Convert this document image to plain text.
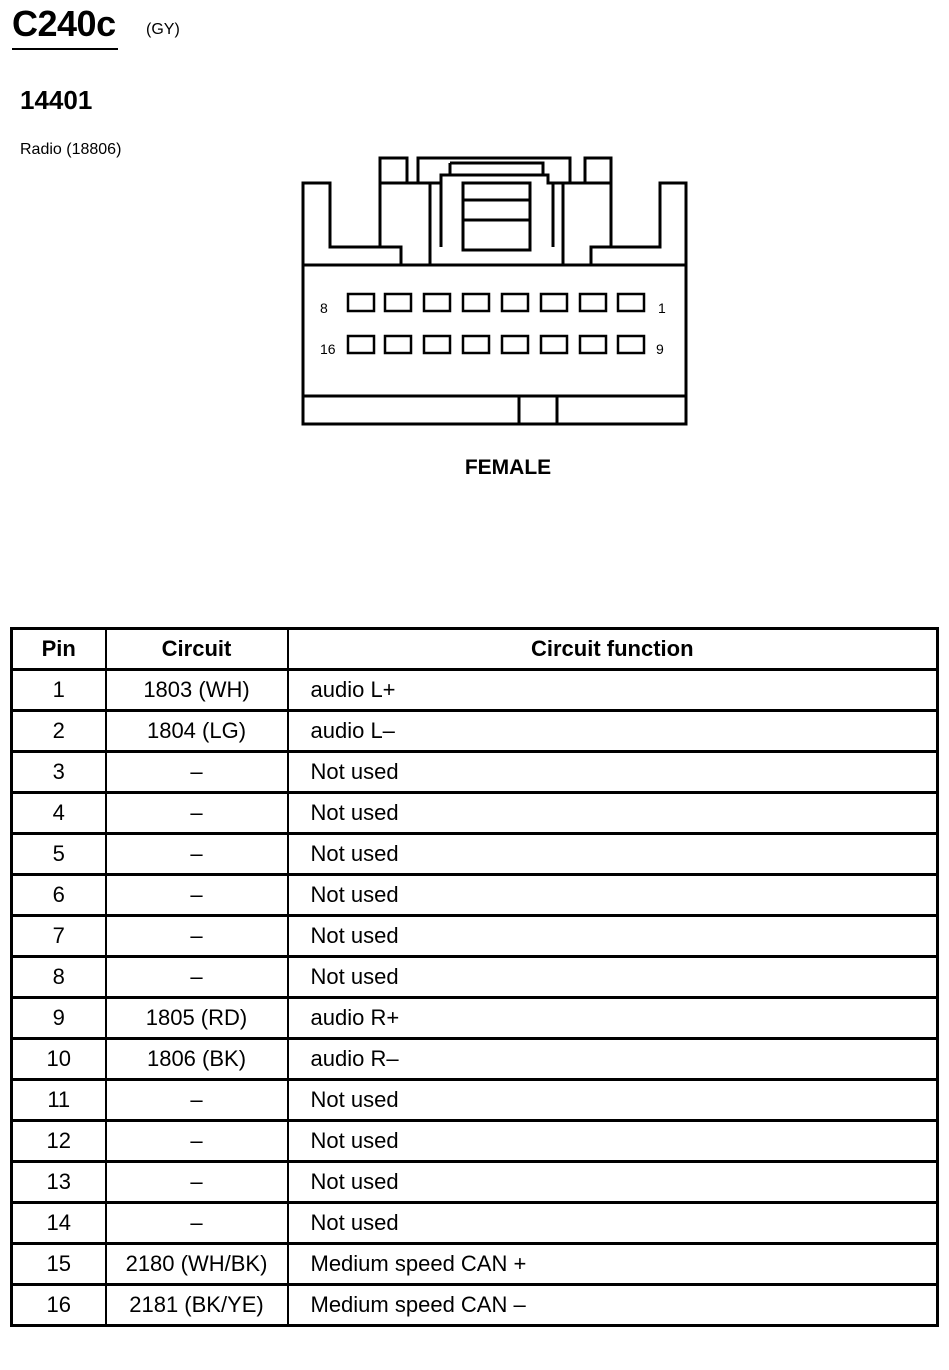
C240c (GY)
14401
Radio (18806)
8	1
16	9
FEMALE
Pin	Circuit	Circuit function
1	1803 (WH)	audio L+
2	1804 (LG)	audio L–
3	–	Not used
4	–	Not used
5	–	Not used
6	–	Not used
7	–	Not used
8	–	Not used
9	1805 (RD)	audio R+
10	1806 (BK)	audio R–
11	–	Not used
12	–	Not used
13	–	Not used
14	–	Not used
15	2180 (WH/BK)	Medium speed CAN +
16	2181 (BK/YE)	Medium speed CAN –
